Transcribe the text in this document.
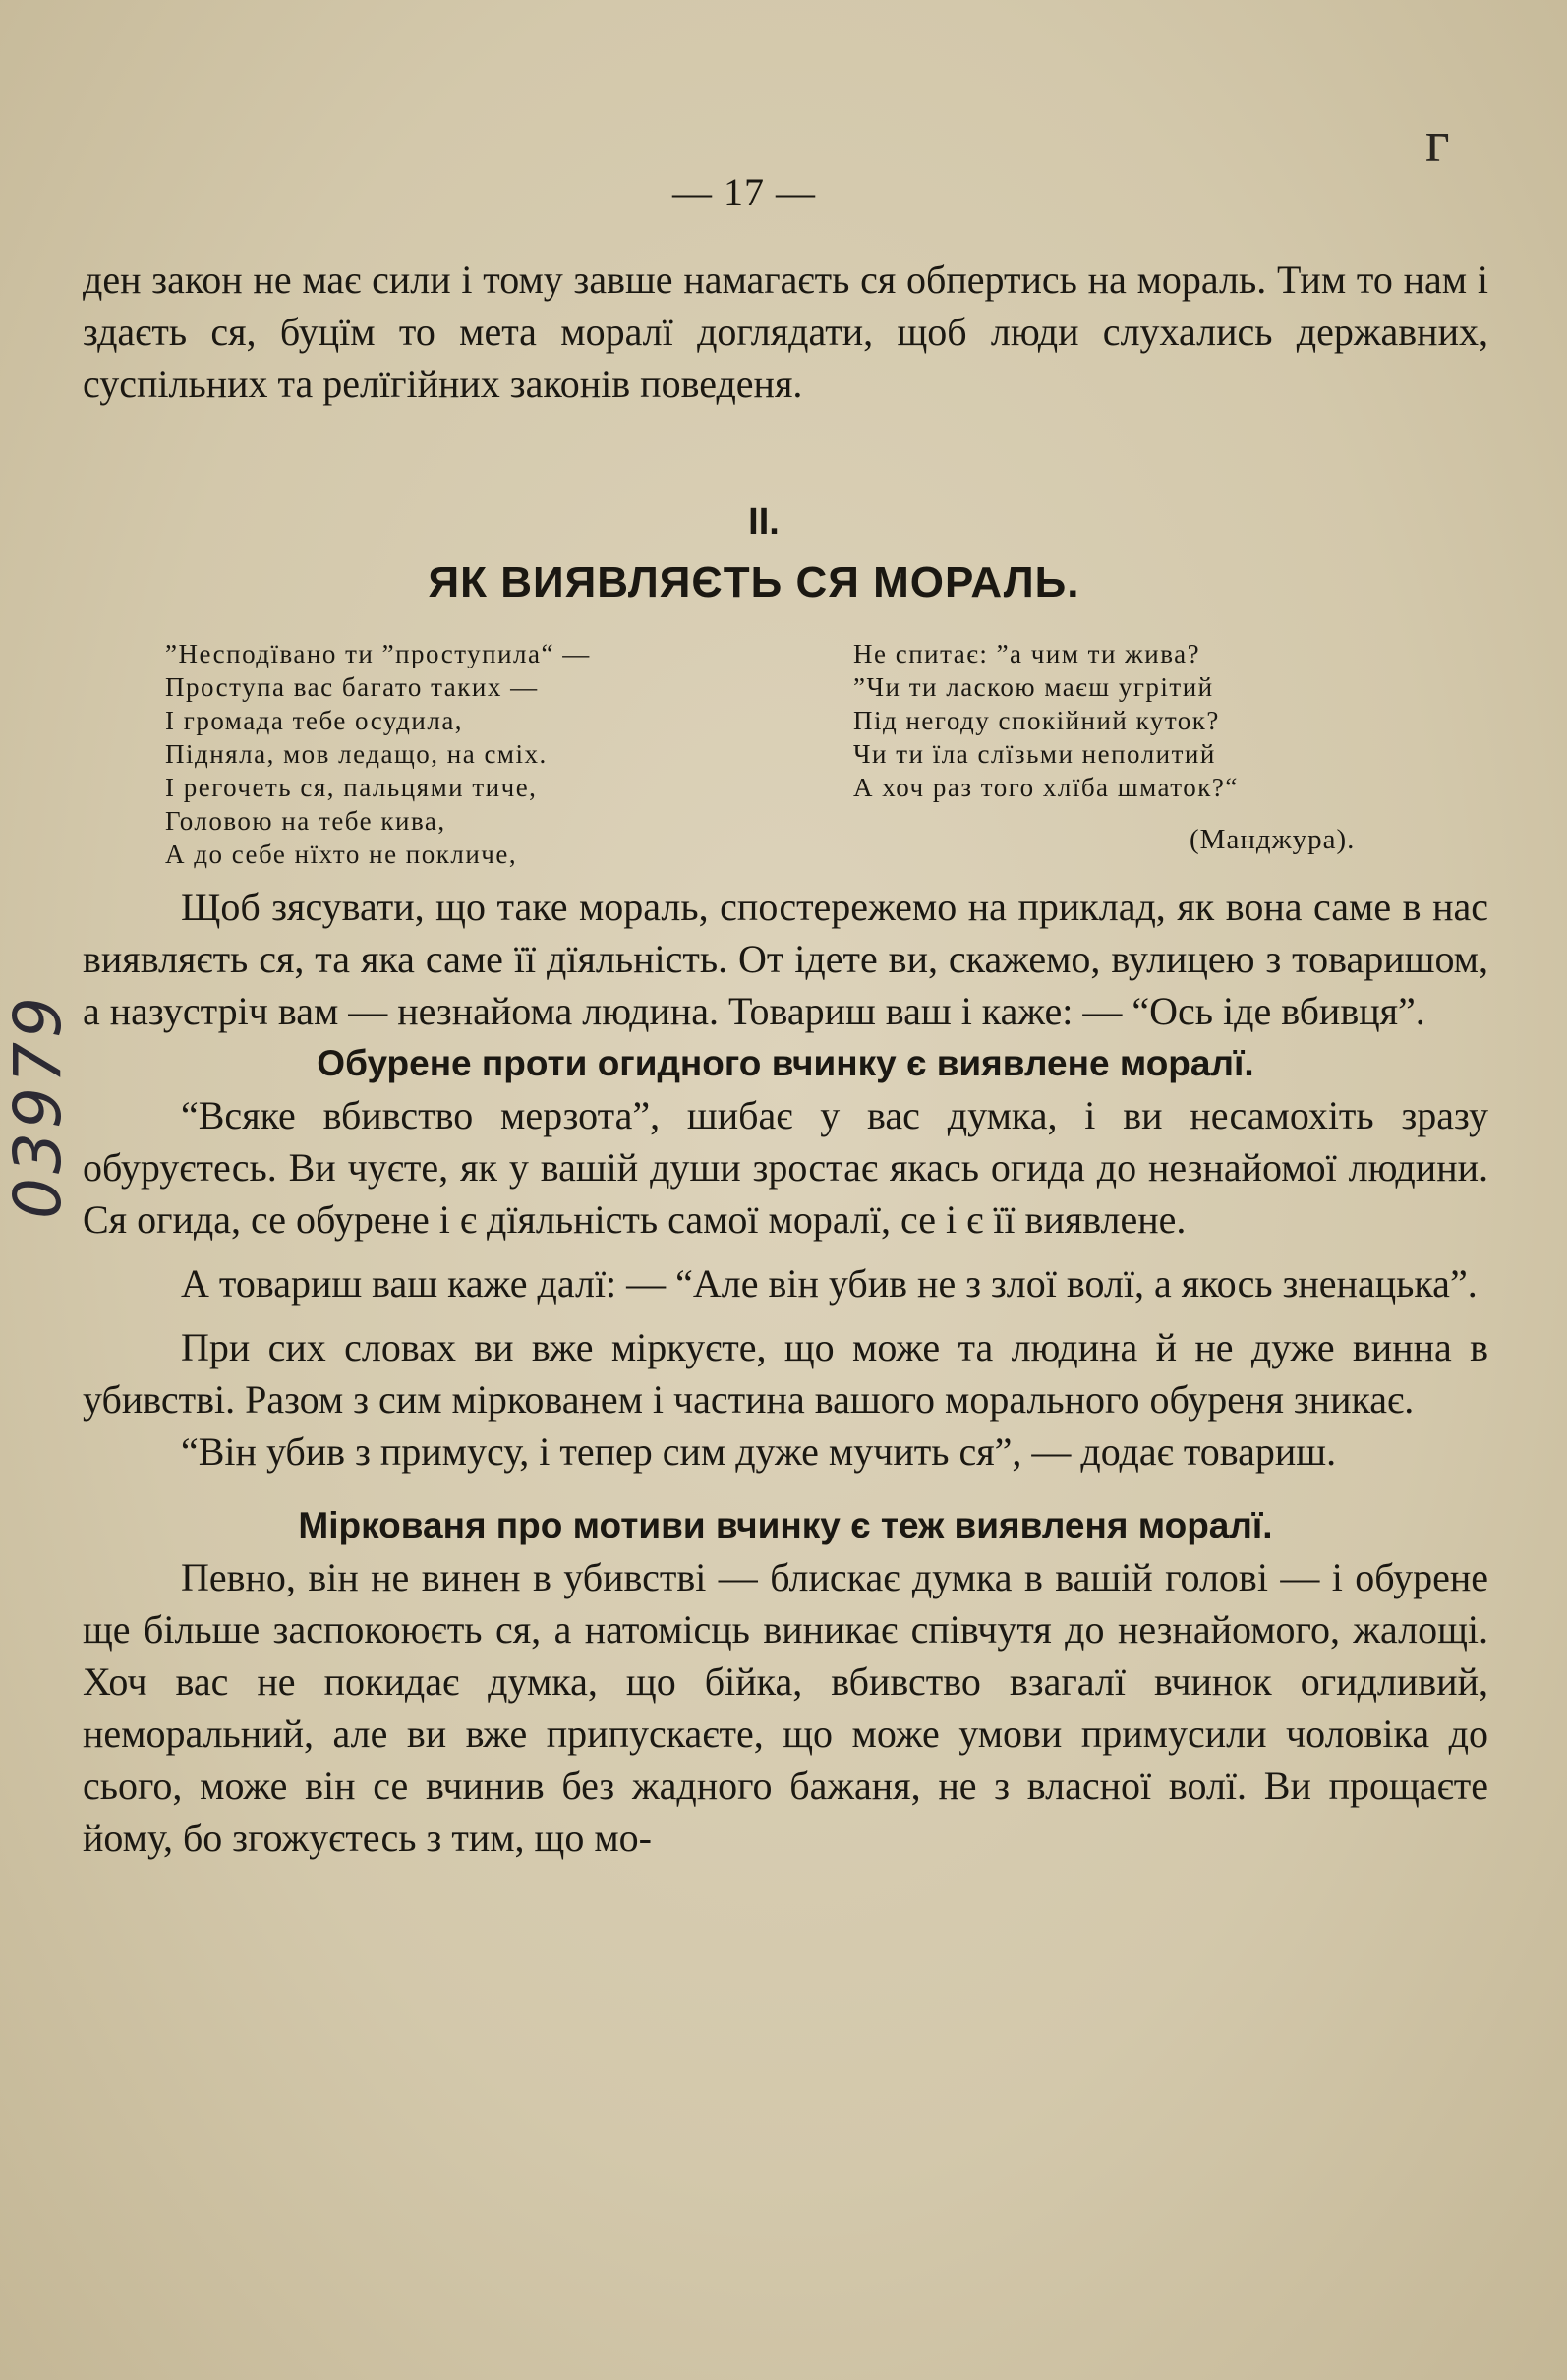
г
— 17 —
03979

ден закон не має сили і тому завше намагаєть ся обпертись на мораль. Тим то нам і здаєть ся, буцїм то мета моралї доглядати, щоб люди слухались державних, суспільних та релїгійних законів поведеня.

II.
ЯК ВИЯВЛЯЄТЬ СЯ МОРАЛЬ.
”Несподївано ти ”проступила“ —
Проступа вас багато таких —
І громада тебе осудила,
Підняла, мов ледащо, на сміх.
І регочеть ся, пальцями тиче,
Головою на тебе кива,
А до себе нїхто не покличе,
Не спитає: ”а чим ти жива?
”Чи ти ласкою маєш угрітий
Під негоду спокійний куток?
Чи ти їла слїзьми неполитий
А хоч раз того хлїба шматок?“
(Манджура).

Щоб зясувати, що таке мораль, спостережемо на приклад, як вона саме в нас виявляєть ся, та яка саме її дїяльність. От ідете ви, скажемо, вулицею з товаришом, а назустріч вам — незнайома людина. Товариш ваш і каже: — “Ось іде вбивця”.

Обурене проти огидного вчинку є виявлене моралї.

“Всяке вбивство мерзота”, шибає у вас думка, і ви несамохіть зразу обуруєтесь. Ви чуєте, як у вашій души зростає якась огида до незнайомої людини. Ся огида, се обурене і є дїяльність самої моралї, се і є її виявлене.

А товариш ваш каже далї: — “Але він убив не з злої волї, а якось зненацька”.

При сих словах ви вже міркуєте, що може та людина й не дуже винна в убивстві. Разом з сим міркованем і частина вашого морального обуреня зникає.

“Він убив з примусу, і тепер сим дуже мучить ся”, — додає товариш.

Міркованя про мотиви вчинку є теж виявленя моралї.

Певно, він не винен в убивстві — блискає думка в вашій голові — і обурене ще більше заспокоюєть ся, а натомісць виникає співчутя до незнайомого, жалощі. Хоч вас не покидає думка, що бійка, вбивство взагалї вчинок огидливий, неморальний, але ви вже припускаєте, що може умови примусили чоловіка до сього, може він се вчинив без жадного бажаня, не з власної волї. Ви прощаєте йому, бо згожуєтесь з тим, що мо-
